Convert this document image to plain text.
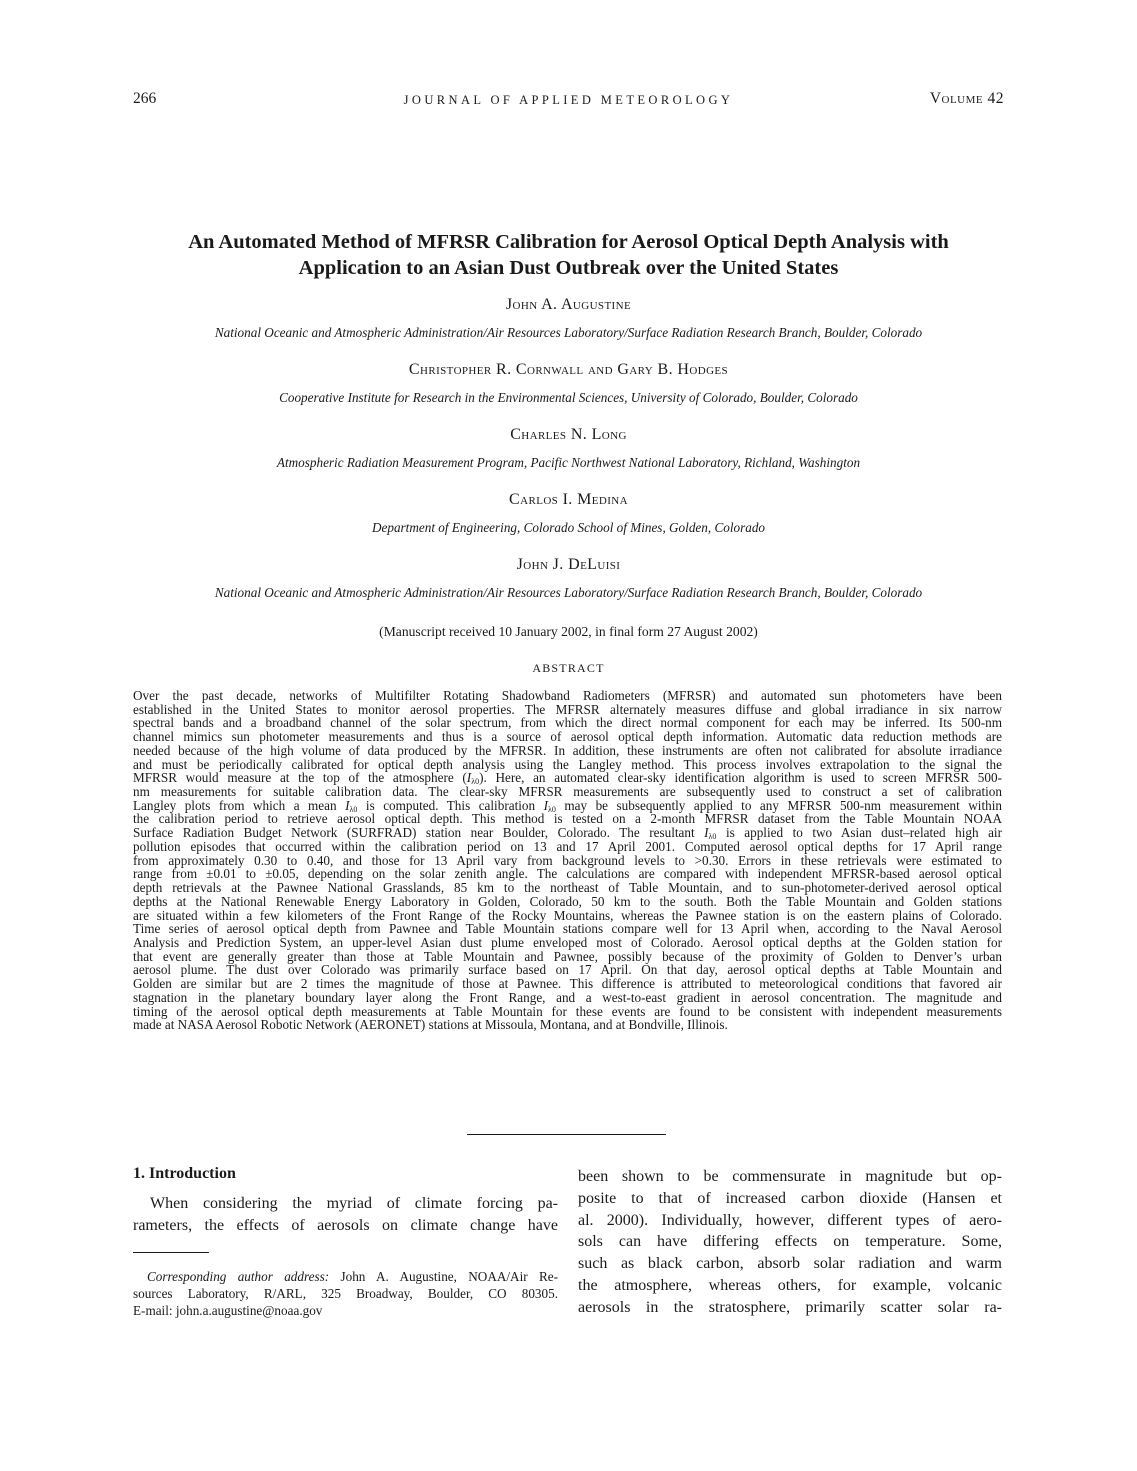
266	JOURNAL OF APPLIED METEOROLOGY	Volume 42
An Automated Method of MFRSR Calibration for Aerosol Optical Depth Analysis with
Application to an Asian Dust Outbreak over the United States
John A. Augustine
National Oceanic and Atmospheric Administration/Air Resources Laboratory/Surface Radiation Research Branch, Boulder, Colorado
Christopher R. Cornwall and Gary B. Hodges
Cooperative Institute for Research in the Environmental Sciences, University of Colorado, Boulder, Colorado
Charles N. Long
Atmospheric Radiation Measurement Program, Pacific Northwest National Laboratory, Richland, Washington
Carlos I. Medina
Department of Engineering, Colorado School of Mines, Golden, Colorado
John J. DeLuisi
National Oceanic and Atmospheric Administration/Air Resources Laboratory/Surface Radiation Research Branch, Boulder, Colorado
(Manuscript received 10 January 2002, in final form 27 August 2002)
ABSTRACT
Over the past decade, networks of Multifilter Rotating Shadowband Radiometers (MFRSR) and automated sun photometers have been
established in the United States to monitor aerosol properties. The MFRSR alternately measures diffuse and global irradiance in six narrow
spectral bands and a broadband channel of the solar spectrum, from which the direct normal component for each may be inferred. Its 500-nm
channel mimics sun photometer measurements and thus is a source of aerosol optical depth information. Automatic data reduction methods are
needed because of the high volume of data produced by the MFRSR. In addition, these instruments are often not calibrated for absolute irradiance
and must be periodically calibrated for optical depth analysis using the Langley method. This process involves extrapolation to the signal the
MFRSR would measure at the top of the atmosphere $(I_{\lambda 0})$. Here, an automated clear-sky identification algorithm is used to screen MFRSR 500-
nm measurements for suitable calibration data. The clear-sky MFRSR measurements are subsequently used to construct a set of calibration
Langley plots from which a mean $I_{\lambda 0}$ is computed. This calibration $I_{\lambda 0}$ may be subsequently applied to any MFRSR 500-nm measurement within
the calibration period to retrieve aerosol optical depth. This method is tested on a 2-month MFRSR dataset from the Table Mountain NOAA
Surface Radiation Budget Network (SURFRAD) station near Boulder, Colorado. The resultant $I_{\lambda 0}$ is applied to two Asian dust–related high air
pollution episodes that occurred within the calibration period on 13 and 17 April 2001. Computed aerosol optical depths for 17 April range
from approximately 0.30 to 0.40, and those for 13 April vary from background levels to >0.30. Errors in these retrievals were estimated to
range from ±0.01 to ±0.05, depending on the solar zenith angle. The calculations are compared with independent MFRSR-based aerosol optical
depth retrievals at the Pawnee National Grasslands, 85 km to the northeast of Table Mountain, and to sun-photometer-derived aerosol optical
depths at the National Renewable Energy Laboratory in Golden, Colorado, 50 km to the south. Both the Table Mountain and Golden stations
are situated within a few kilometers of the Front Range of the Rocky Mountains, whereas the Pawnee station is on the eastern plains of Colorado.
Time series of aerosol optical depth from Pawnee and Table Mountain stations compare well for 13 April when, according to the Naval Aerosol
Analysis and Prediction System, an upper-level Asian dust plume enveloped most of Colorado. Aerosol optical depths at the Golden station for
that event are generally greater than those at Table Mountain and Pawnee, possibly because of the proximity of Golden to Denver’s urban
aerosol plume. The dust over Colorado was primarily surface based on 17 April. On that day, aerosol optical depths at Table Mountain and
Golden are similar but are 2 times the magnitude of those at Pawnee. This difference is attributed to meteorological conditions that favored air
stagnation in the planetary boundary layer along the Front Range, and a west-to-east gradient in aerosol concentration. The magnitude and
timing of the aerosol optical depth measurements at Table Mountain for these events are found to be consistent with independent measurements
made at NASA Aerosol Robotic Network (AERONET) stations at Missoula, Montana, and at Bondville, Illinois.
1. Introduction
When considering the myriad of climate forcing pa-
rameters, the effects of aerosols on climate change have
been shown to be commensurate in magnitude but op-
posite to that of increased carbon dioxide (Hansen et
al. 2000). Individually, however, different types of aero-
sols can have differing effects on temperature. Some,
such as black carbon, absorb solar radiation and warm
the atmosphere, whereas others, for example, volcanic
aerosols in the stratosphere, primarily scatter solar ra-
Corresponding author address: John A. Augustine, NOAA/Air Re-
sources Laboratory, R/ARL, 325 Broadway, Boulder, CO 80305.
E-mail: john.a.augustine@noaa.gov
